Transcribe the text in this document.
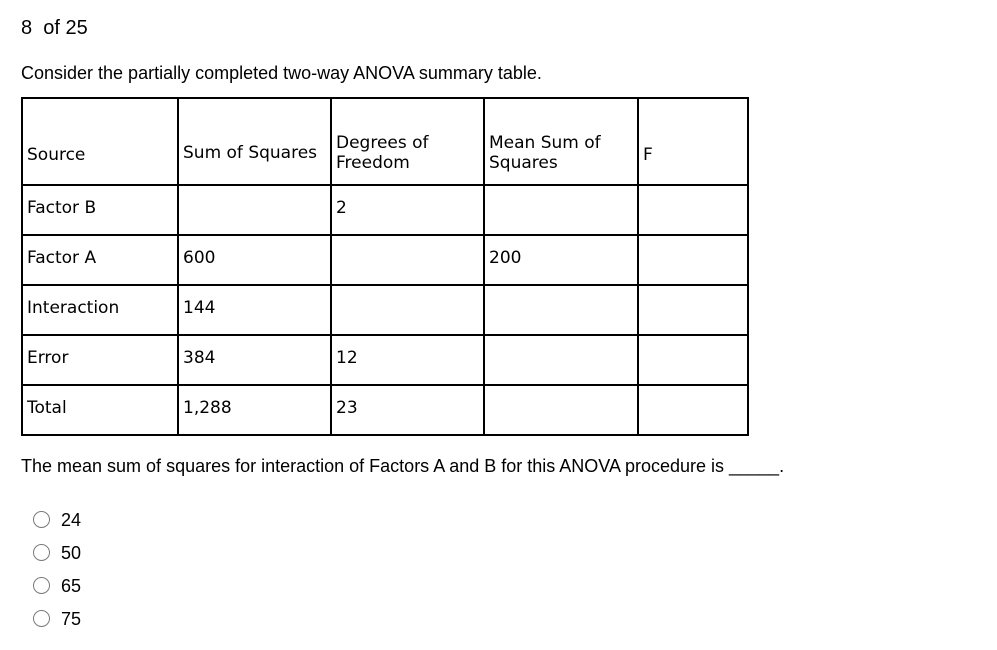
8  of 25
Consider the partially completed two-way ANOVA summary table.
Source	Sum of Squares	Degrees of Freedom	Mean Sum of Squares	F

Factor B		2		

Factor A	600		200	

Interaction	144			

Error	384	12		

Total	1,288	23		

The mean sum of squares for interaction of Factors A and B for this ANOVA procedure is _____.
24
50
65
75
